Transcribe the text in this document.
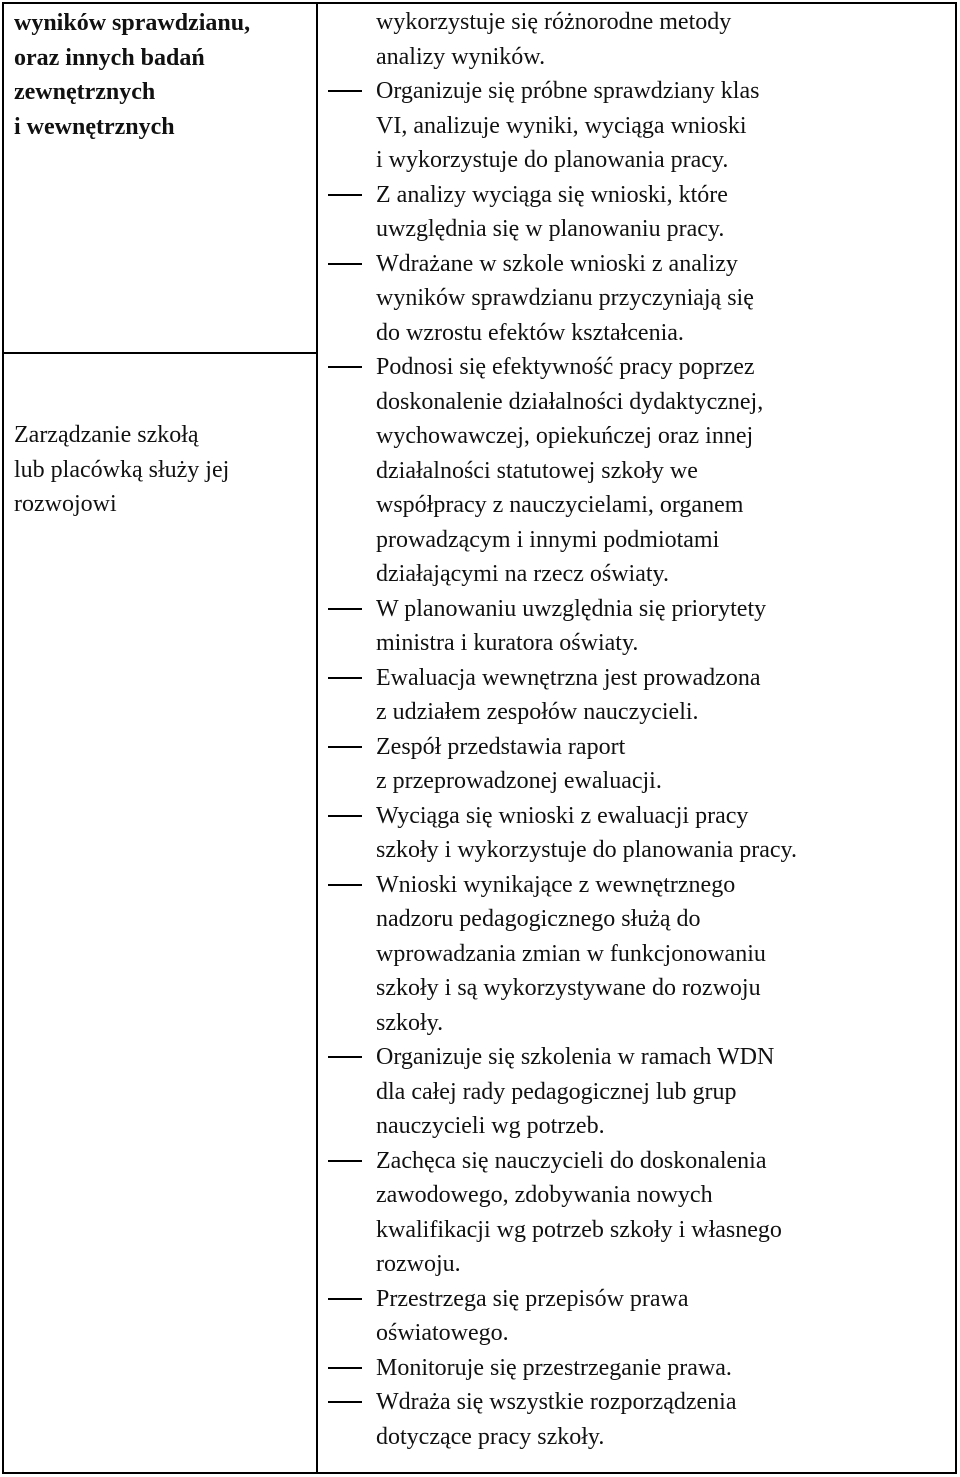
wyników sprawdzianu,
oraz innych badań
zewnętrznych
i wewnętrznych
Zarządzanie szkołą
lub placówką służy jej
rozwojowi
wykorzystuje się różnorodne metody
analizy wyników.
Organizuje się próbne sprawdziany klas
VI, analizuje wyniki, wyciąga wnioski
i wykorzystuje do planowania pracy.
Z analizy wyciąga się wnioski, które
uwzględnia się w planowaniu pracy.
Wdrażane w szkole wnioski z analizy
wyników sprawdzianu przyczyniają się
do wzrostu efektów kształcenia.
Podnosi się efektywność pracy poprzez
doskonalenie działalności dydaktycznej,
wychowawczej, opiekuńczej oraz innej
działalności statutowej szkoły we
współpracy z nauczycielami, organem
prowadzącym i innymi podmiotami
działającymi na rzecz oświaty.
W planowaniu uwzględnia się priorytety
ministra i kuratora oświaty.
Ewaluacja wewnętrzna jest prowadzona
z udziałem zespołów nauczycieli.
Zespół przedstawia raport
z przeprowadzonej ewaluacji.
Wyciąga się wnioski z ewaluacji pracy
szkoły i wykorzystuje do planowania pracy.
Wnioski wynikające z wewnętrznego
nadzoru pedagogicznego służą do
wprowadzania zmian w funkcjonowaniu
szkoły i są wykorzystywane do rozwoju
szkoły.
Organizuje się szkolenia w ramach WDN
dla całej rady pedagogicznej lub grup
nauczycieli wg potrzeb.
Zachęca się nauczycieli do doskonalenia
zawodowego, zdobywania nowych
kwalifikacji wg potrzeb szkoły i własnego
rozwoju.
Przestrzega się przepisów prawa
oświatowego.
Monitoruje się przestrzeganie prawa.
Wdraża się wszystkie rozporządzenia
dotyczące pracy szkoły.
